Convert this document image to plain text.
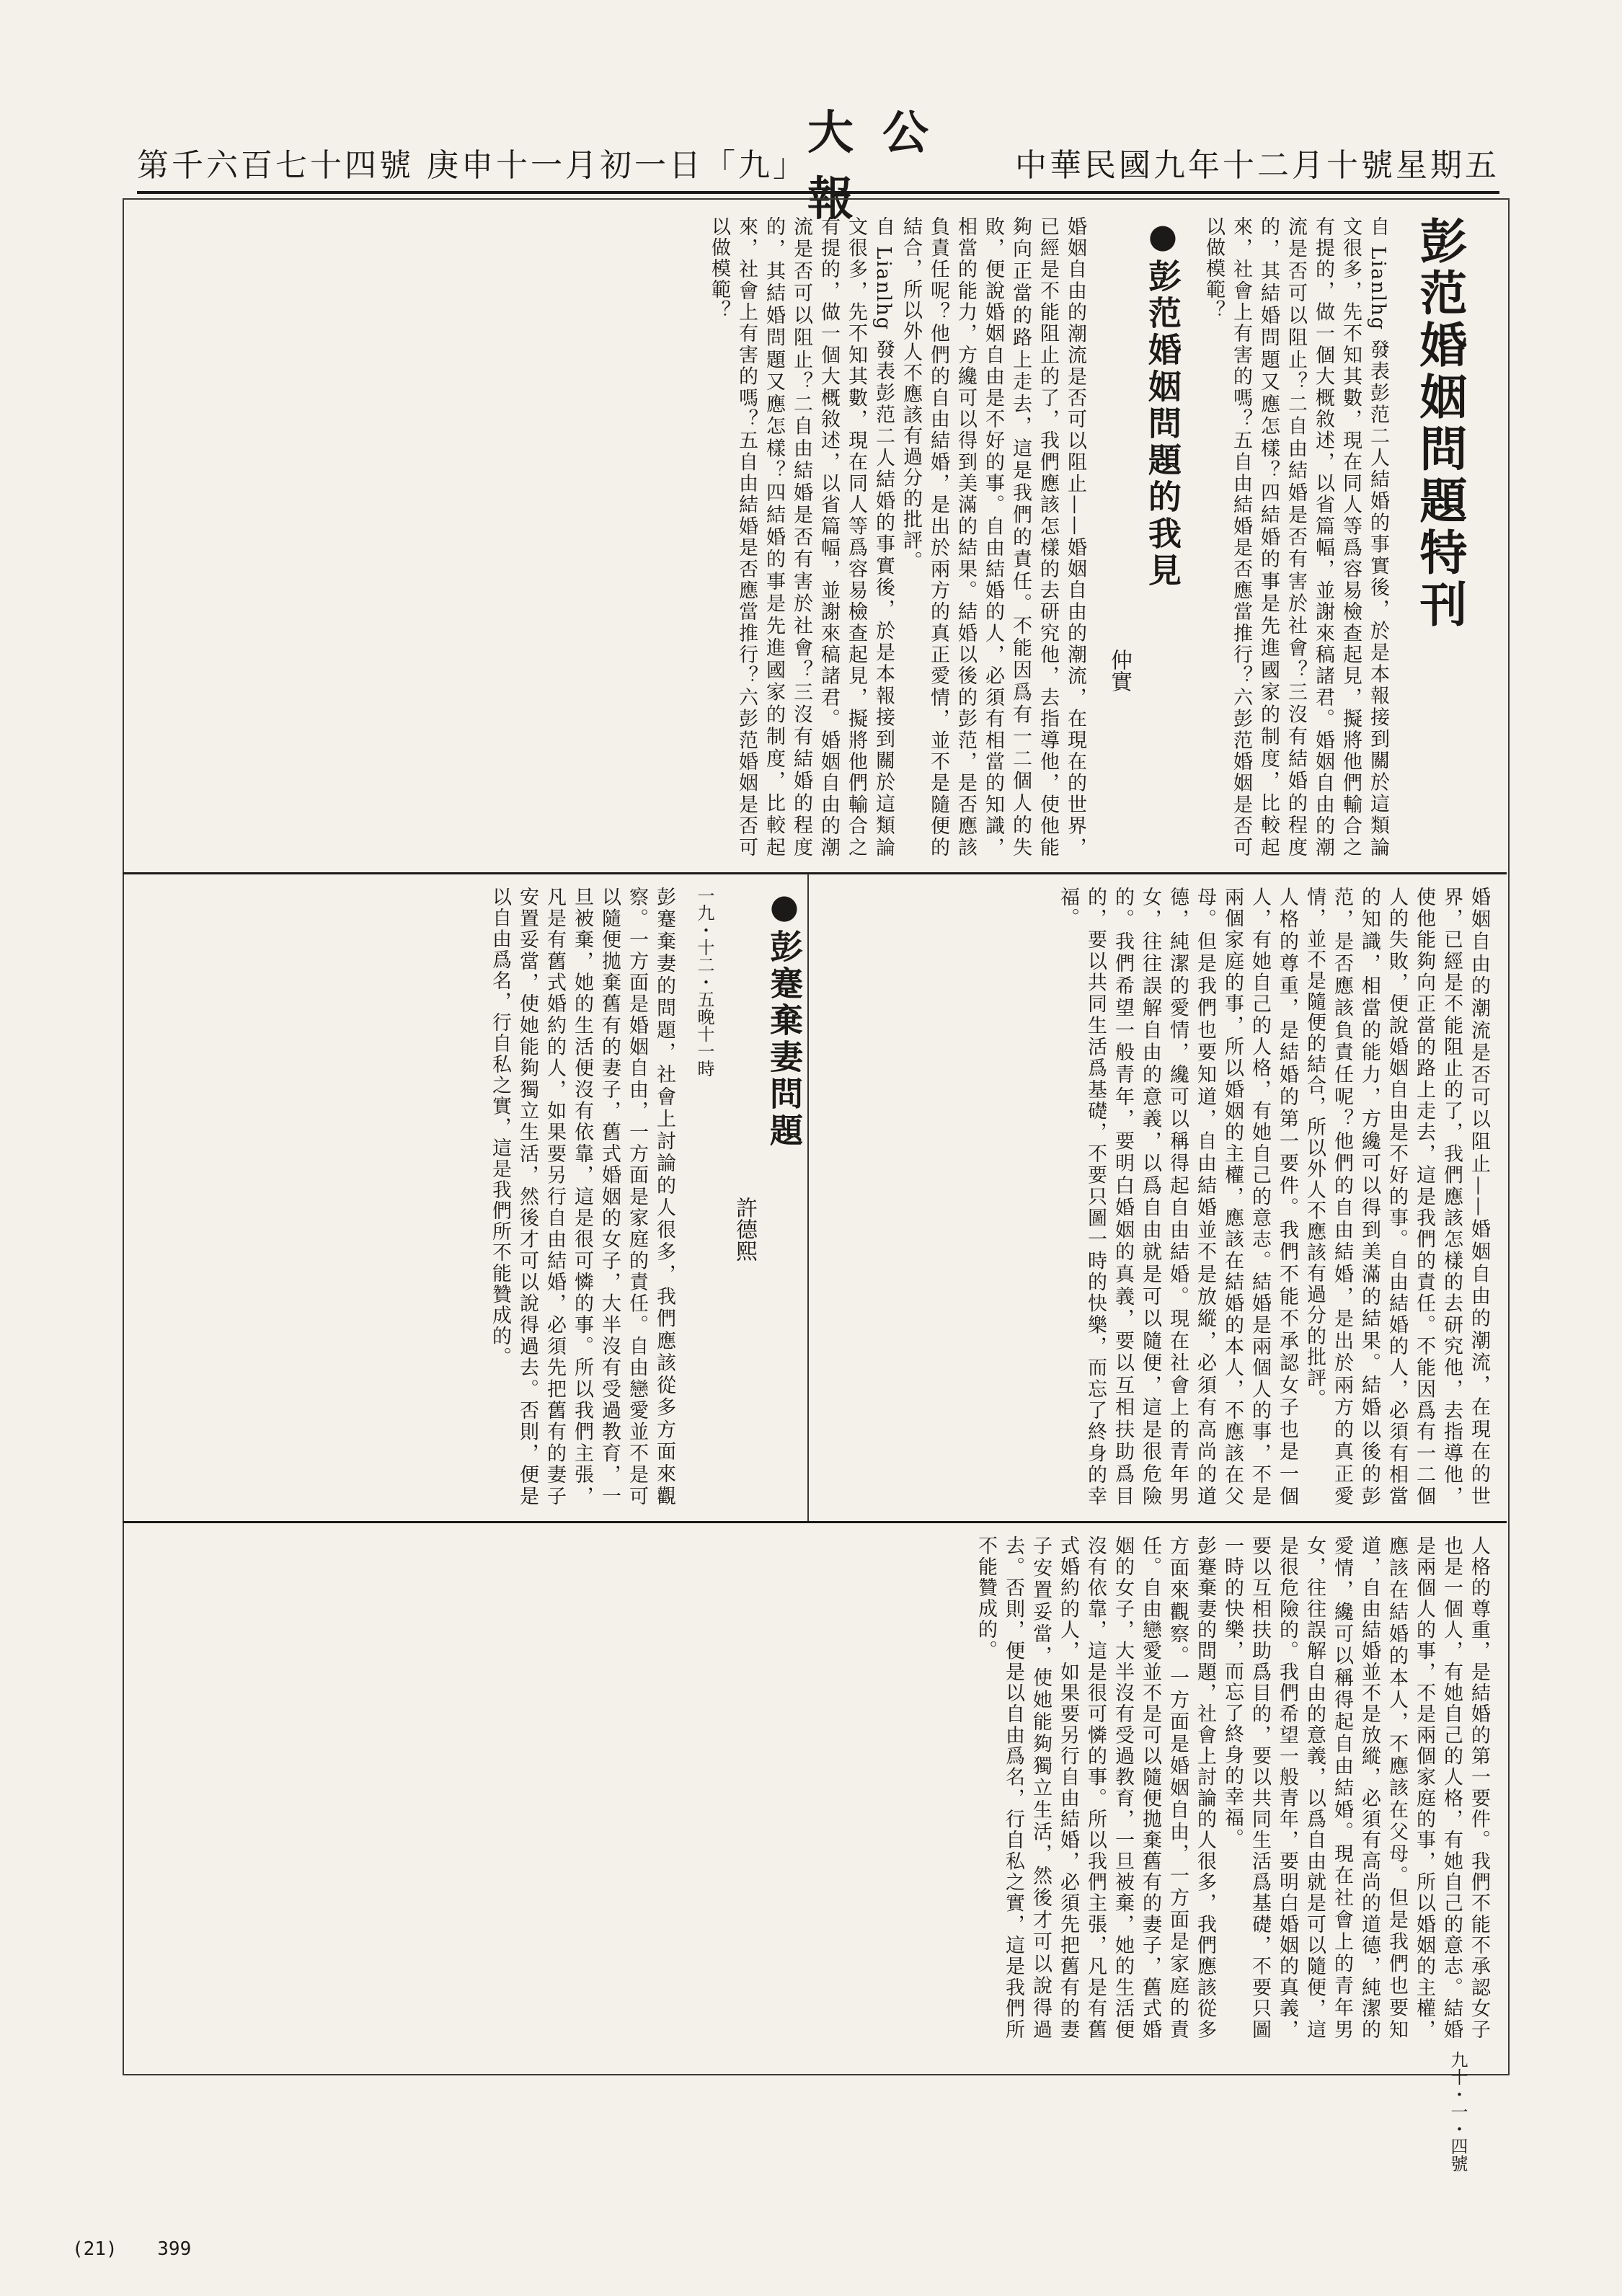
中華民國九年十二月十號星期五
大公報
第千六百七十四號 庚申十一月初一日「九」
彭范婚姻問題特刊

自 Lianlhg 發表彭范二人結婚的事實後，於是本報接到關於這類論文很多，先不知其數，現在同人等爲容易檢查起見，擬將他們輸合之有提的，做一個大概敘述，以省篇幅，並謝來稿諸君。婚姻自由的潮流是否可以阻止？二自由結婚是否有害於社會？三沒有結婚的程度的，其結婚問題又應怎樣？四結婚的事是先進國家的制度，比較起來，社會上有害的嗎？五自由結婚是否應當推行？六彭范婚姻是否可以做模範？

●彭范婚姻問題的我見
仲實

婚姻自由的潮流是否可以阻止——婚姻自由的潮流，在現在的世界，已經是不能阻止的了，我們應該怎樣的去研究他，去指導他，使他能夠向正當的路上走去，這是我們的責任。不能因爲有一二個人的失敗，便說婚姻自由是不好的事。自由結婚的人，必須有相當的知識，相當的能力，方纔可以得到美滿的結果。結婚以後的彭范，是否應該負責任呢？他們的自由結婚，是出於兩方的真正愛情，並不是隨便的結合，所以外人不應該有過分的批評。

自 Lianlhg 發表彭范二人結婚的事實後，於是本報接到關於這類論文很多，先不知其數，現在同人等爲容易檢查起見，擬將他們輸合之有提的，做一個大概敘述，以省篇幅，並謝來稿諸君。婚姻自由的潮流是否可以阻止？二自由結婚是否有害於社會？三沒有結婚的程度的，其結婚問題又應怎樣？四結婚的事是先進國家的制度，比較起來，社會上有害的嗎？五自由結婚是否應當推行？六彭范婚姻是否可以做模範？

婚姻自由的潮流是否可以阻止——婚姻自由的潮流，在現在的世界，已經是不能阻止的了，我們應該怎樣的去研究他，去指導他，使他能夠向正當的路上走去，這是我們的責任。不能因爲有一二個人的失敗，便說婚姻自由是不好的事。自由結婚的人，必須有相當的知識，相當的能力，方纔可以得到美滿的結果。結婚以後的彭范，是否應該負責任呢？他們的自由結婚，是出於兩方的真正愛情，並不是隨便的結合，所以外人不應該有過分的批評。

人格的尊重，是結婚的第一要件。我們不能不承認女子也是一個人，有她自己的人格，有她自己的意志。結婚是兩個人的事，不是兩個家庭的事，所以婚姻的主權，應該在結婚的本人，不應該在父母。但是我們也要知道，自由結婚並不是放縱，必須有高尚的道德，純潔的愛情，纔可以稱得起自由結婚。現在社會上的青年男女，往往誤解自由的意義，以爲自由就是可以隨便，這是很危險的。我們希望一般青年，要明白婚姻的真義，要以互相扶助爲目的，要以共同生活爲基礎，不要只圖一時的快樂，而忘了終身的幸福。

●彭蹇棄妻問題
許德熙
一九・十二・五晚十一時

彭蹇棄妻的問題，社會上討論的人很多，我們應該從多方面來觀察。一方面是婚姻自由，一方面是家庭的責任。自由戀愛並不是可以隨便拋棄舊有的妻子，舊式婚姻的女子，大半沒有受過教育，一旦被棄，她的生活便沒有依靠，這是很可憐的事。所以我們主張，凡是有舊式婚約的人，如果要另行自由結婚，必須先把舊有的妻子安置妥當，使她能夠獨立生活，然後才可以說得過去。否則，便是以自由爲名，行自私之實，這是我們所不能贊成的。

人格的尊重，是結婚的第一要件。我們不能不承認女子也是一個人，有她自己的人格，有她自己的意志。結婚是兩個人的事，不是兩個家庭的事，所以婚姻的主權，應該在結婚的本人，不應該在父母。但是我們也要知道，自由結婚並不是放縱，必須有高尚的道德，純潔的愛情，纔可以稱得起自由結婚。現在社會上的青年男女，往往誤解自由的意義，以爲自由就是可以隨便，這是很危險的。我們希望一般青年，要明白婚姻的真義，要以互相扶助爲目的，要以共同生活爲基礎，不要只圖一時的快樂，而忘了終身的幸福。

彭蹇棄妻的問題，社會上討論的人很多，我們應該從多方面來觀察。一方面是婚姻自由，一方面是家庭的責任。自由戀愛並不是可以隨便拋棄舊有的妻子，舊式婚姻的女子，大半沒有受過教育，一旦被棄，她的生活便沒有依靠，這是很可憐的事。所以我們主張，凡是有舊式婚約的人，如果要另行自由結婚，必須先把舊有的妻子安置妥當，使她能夠獨立生活，然後才可以說得過去。否則，便是以自由爲名，行自私之實，這是我們所不能贊成的。

九十・一・四號
(21) 399
